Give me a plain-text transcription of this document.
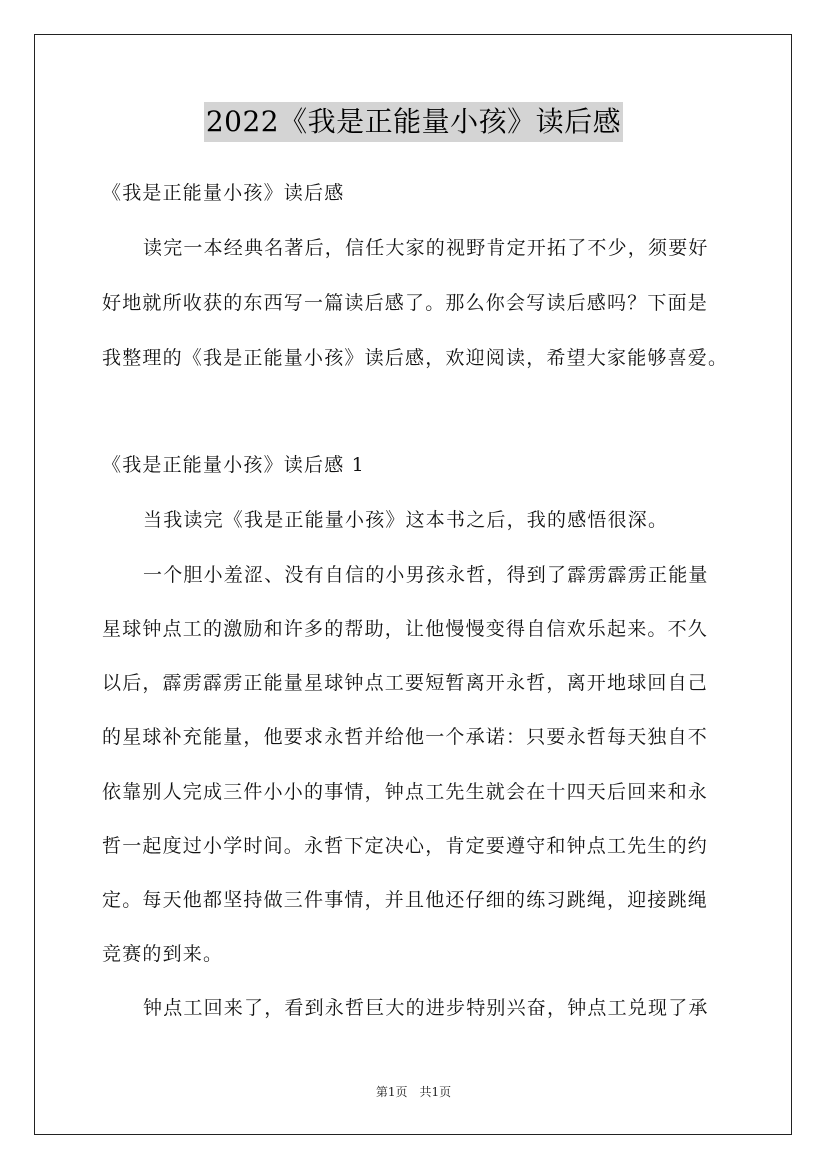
2022《我是正能量小孩》读后感
《我是正能量小孩》读后感
读完一本经典名著后，信任大家的视野肯定开拓了不少，须要好
好地就所收获的东西写一篇读后感了。那么你会写读后感吗？下面是
我整理的《我是正能量小孩》读后感，欢迎阅读，希望大家能够喜爱。
《我是正能量小孩》读后感 1
当我读完《我是正能量小孩》这本书之后，我的感悟很深。
一个胆小羞涩、没有自信的小男孩永哲，得到了霹雳霹雳正能量
星球钟点工的激励和许多的帮助，让他慢慢变得自信欢乐起来。不久
以后，霹雳霹雳正能量星球钟点工要短暂离开永哲，离开地球回自己
的星球补充能量，他要求永哲并给他一个承诺：只要永哲每天独自不
依靠别人完成三件小小的事情，钟点工先生就会在十四天后回来和永
哲一起度过小学时间。永哲下定决心，肯定要遵守和钟点工先生的约
定。每天他都坚持做三件事情，并且他还仔细的练习跳绳，迎接跳绳
竞赛的到来。
钟点工回来了，看到永哲巨大的进步特别兴奋，钟点工兑现了承
第1页　共1页
